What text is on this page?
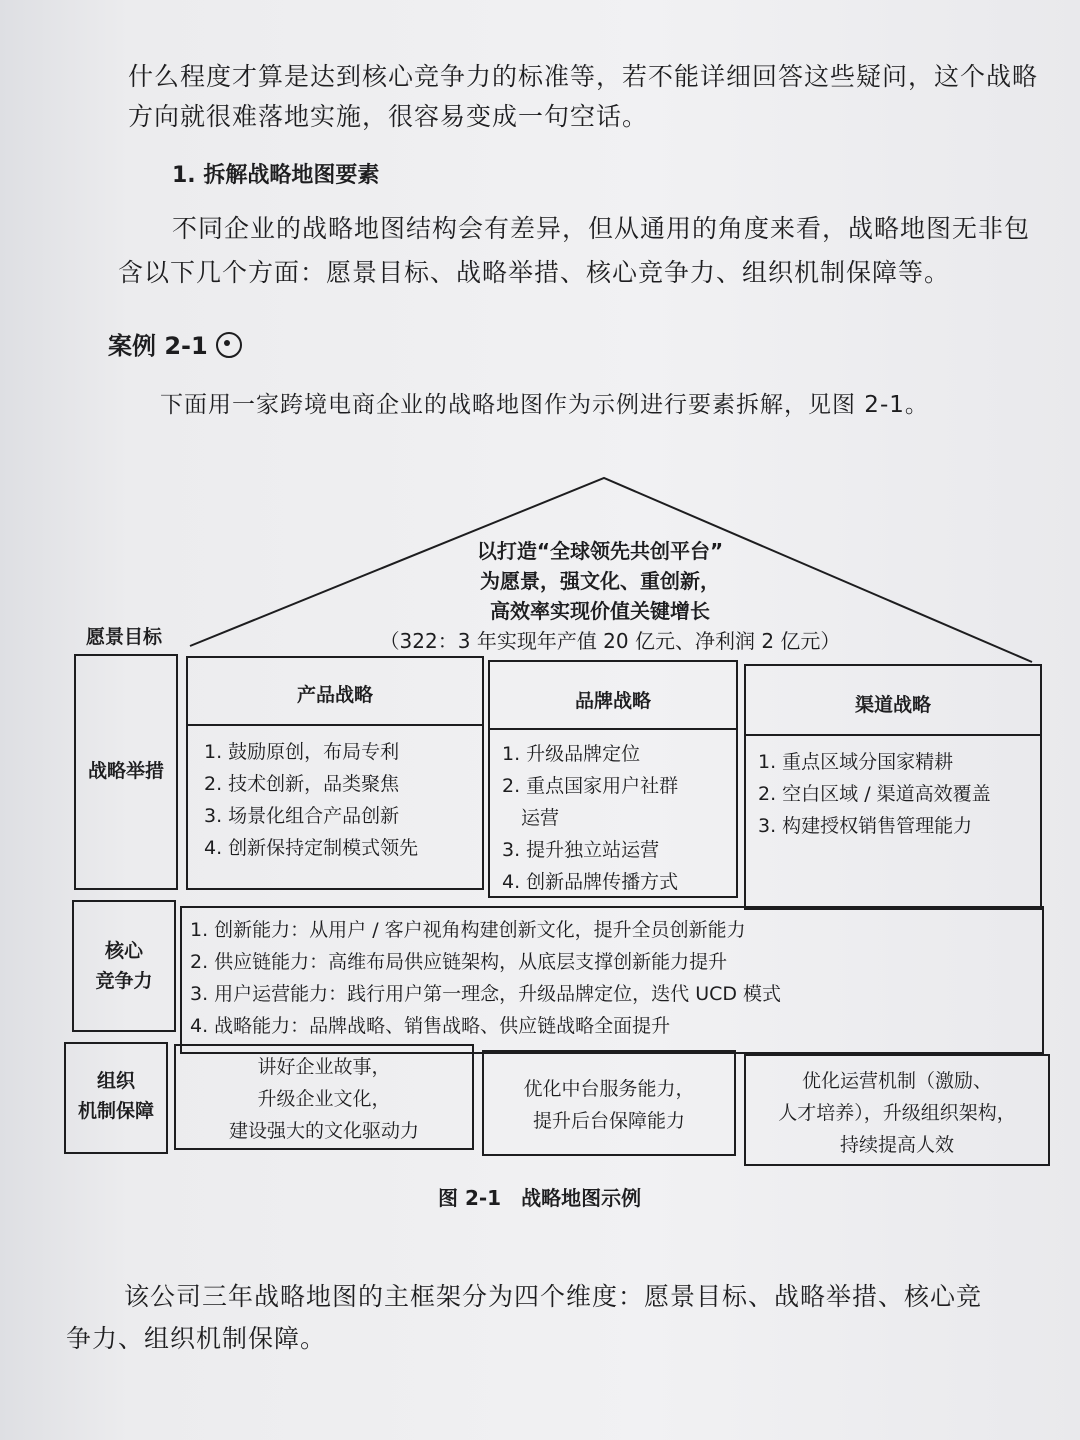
什么程度才算是达到核心竞争力的标准等，若不能详细回答这些疑问，这个战略
方向就很难落地实施，很容易变成一句空话。
1. 拆解战略地图要素
不同企业的战略地图结构会有差异，但从通用的角度来看，战略地图无非包
含以下几个方面：愿景目标、战略举措、核心竞争力、组织机制保障等。
案例 2-1
下面用一家跨境电商企业的战略地图作为示例进行要素拆解，见图 2-1。
愿景目标
以打造“全球领先共创平台”
为愿景，强文化、重创新，
高效率实现价值关键增长
（322：3 年实现年产值 20 亿元、净利润 2 亿元）
战略举措
产品战略
1. 鼓励原创，布局专利
2. 技术创新，品类聚焦
3. 场景化组合产品创新
4. 创新保持定制模式领先
品牌战略
1. 升级品牌定位
2. 重点国家用户社群
　运营
3. 提升独立站运营
4. 创新品牌传播方式
渠道战略
1. 重点区域分国家精耕
2. 空白区域 / 渠道高效覆盖
3. 构建授权销售管理能力
核心
竞争力
1. 创新能力：从用户 / 客户视角构建创新文化，提升全员创新能力
2. 供应链能力：高维布局供应链架构，从底层支撑创新能力提升
3. 用户运营能力：践行用户第一理念，升级品牌定位，迭代 UCD 模式
4. 战略能力：品牌战略、销售战略、供应链战略全面提升
组织
机制保障
讲好企业故事，
升级企业文化，
建设强大的文化驱动力
优化中台服务能力，
提升后台保障能力
优化运营机制（激励、
人才培养），升级组织架构，
持续提高人效
图 2-1　战略地图示例
该公司三年战略地图的主框架分为四个维度：愿景目标、战略举措、核心竞
争力、组织机制保障。
